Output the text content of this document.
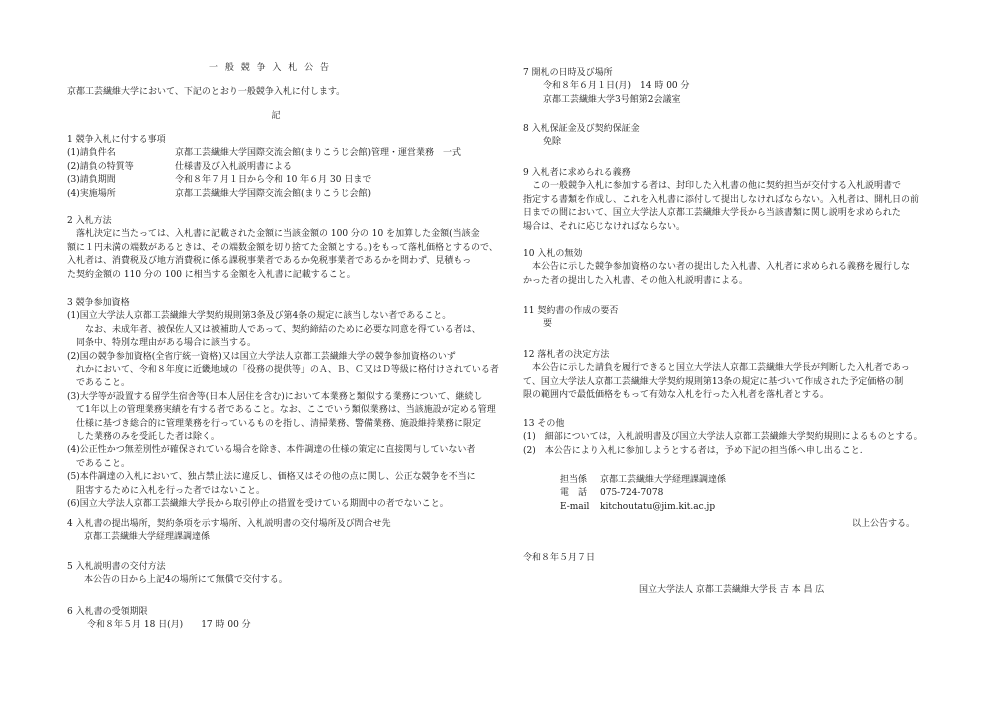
一 般 競 争 入 札 公 告

京都工芸繊維大学において、下記のとおり一般競争入札に付します。

記

1 競争入札に付する事項

(1)請負件名	京都工芸繊維大学国際交流会館(まりこうじ会館)管理・運営業務　一式
(2)請負の特質等	仕様書及び入札説明書による
(3)請負期間	令和８年７月１日から令和 10 年６月 30 日まで
(4)実施場所	京都工芸繊維大学国際交流会館(まりこうじ会館)

2 入札方法

　落札決定に当たっては、入札書に記載された金額に当該金額の 100 分の 10 を加算した金額(当該金

額に１円未満の端数があるときは、その端数金額を切り捨てた金額とする。)をもって落札価格とするので、

入札者は、消費税及び地方消費税に係る課税事業者であるか免税事業者であるかを問わず、見積もっ

た契約金額の 110 分の 100 に相当する金額を入札書に記載すること。

3 競争参加資格

(1)国立大学法人京都工芸繊維大学契約規則第3条及び第4条の規定に該当しない者であること。

　　なお、未成年者、被保佐人又は被補助人であって、契約締結のために必要な同意を得ている者は、

　同条中、特別な理由がある場合に該当する。

(2)国の競争参加資格(全省庁統一資格)又は国立大学法人京都工芸繊維大学の競争参加資格のいず

　れかにおいて、令和８年度に近畿地域の「役務の提供等」のＡ、Ｂ、Ｃ又はＤ等級に格付けされている者

　であること。

(3)大学等が設置する留学生宿舎等(日本人居住を含む)において本業務と類似する業務について、継続し

　て1年以上の管理業務実績を有する者であること。なお、ここでいう類似業務は、当該施設が定める管理

　仕様に基づき総合的に管理業務を行っているものを指し、清掃業務、警備業務、施設維持業務に限定

　した業務のみを受託した者は除く。

(4)公正性かつ無差別性が確保されている場合を除き、本件調達の仕様の策定に直接関与していない者

　であること。

(5)本件調達の入札において、独占禁止法に違反し、価格又はその他の点に関し、公正な競争を不当に

　阻害するために入札を行った者ではないこと。

(6)国立大学法人京都工芸繊維大学長から取引停止の措置を受けている期間中の者でないこと。

4 入札書の提出場所，契約条項を示す場所、入札説明書の交付場所及び問合せ先

　京都工芸繊維大学経理課調達係

5 入札説明書の交付方法

　本公告の日から上記4の場所にて無償で交付する。

6 入札書の受領期限

令和８年５月 18 日(月)　　17 時 00 分

7 開札の日時及び場所

令和８年６月１日(月)　14 時 00 分

京都工芸繊維大学3号館第2会議室

8 入札保証金及び契約保証金

免除

9 入札者に求められる義務

　この一般競争入札に参加する者は、封印した入札書の他に契約担当が交付する入札説明書で

指定する書類を作成し、これを入札書に添付して提出しなければならない。入札者は、開札日の前

日までの間において、国立大学法人京都工芸繊維大学長から当該書類に関し説明を求められた

場合は、それに応じなければならない。

10 入札の無効

　本公告に示した競争参加資格のない者の提出した入札書、入札者に求められる義務を履行しな

かった者の提出した入札書、その他入札説明書による。

11 契約書の作成の要否

要

12 落札者の決定方法

　本公告に示した請負を履行できると国立大学法人京都工芸繊維大学長が判断した入札者であっ

て、国立大学法人京都工芸繊維大学契約規則第13条の規定に基づいて作成された予定価格の制

限の範囲内で最低価格をもって有効な入札を行った入札者を落札者とする。

13 その他

(1)　細部については，入札説明書及び国立大学法人京都工芸繊維大学契約規則によるものとする。

(2)　本公告により入札に参加しようとする者は，予め下記の担当係へ申し出ること.

担当係	京都工芸繊維大学経理課調達係
電　話	075-724-7078
E-mail	kitchoutatu@jim.kit.ac.jp

以上公告する。

令和８年５月７日

国立大学法人 京都工芸繊維大学長 吉 本 昌 広
